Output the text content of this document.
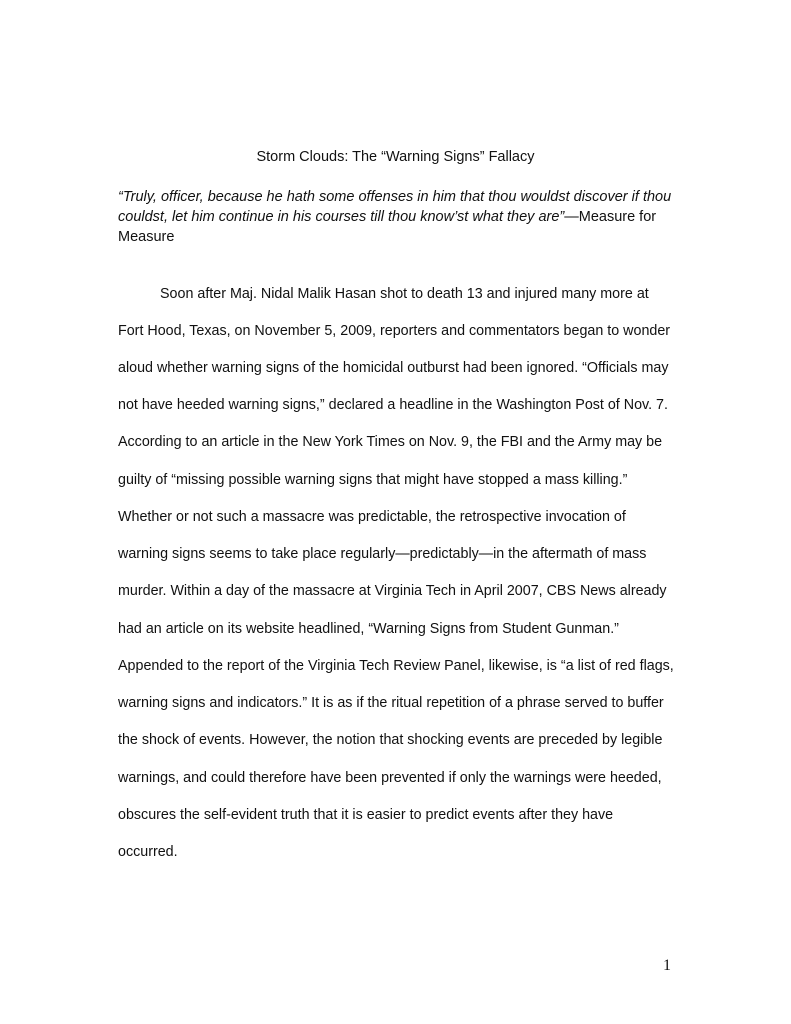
Storm Clouds: The “Warning Signs” Fallacy
“Truly, officer, because he hath some offenses in him that thou wouldst discover if thou couldst, let him continue in his courses till thou know’st what they are”—Measure for Measure
Soon after Maj. Nidal Malik Hasan shot to death 13 and injured many more at
Fort Hood, Texas, on November 5, 2009, reporters and commentators began to wonder
aloud whether warning signs of the homicidal outburst had been ignored. “Officials may
not have heeded warning signs,” declared a headline in the Washington Post of Nov. 7.
According to an article in the New York Times on Nov. 9, the FBI and the Army may be
guilty of “missing possible warning signs that might have stopped a mass killing.”
Whether or not such a massacre was predictable, the retrospective invocation of
warning signs seems to take place regularly—predictably—in the aftermath of mass
murder. Within a day of the massacre at Virginia Tech in April 2007, CBS News already
had an article on its website headlined, “Warning Signs from Student Gunman.”
Appended to the report of the Virginia Tech Review Panel, likewise, is “a list of red flags,
warning signs and indicators.” It is as if the ritual repetition of a phrase served to buffer
the shock of events. However, the notion that shocking events are preceded by legible
warnings, and could therefore have been prevented if only the warnings were heeded,
obscures the self-evident truth that it is easier to predict events after they have
occurred.
1
